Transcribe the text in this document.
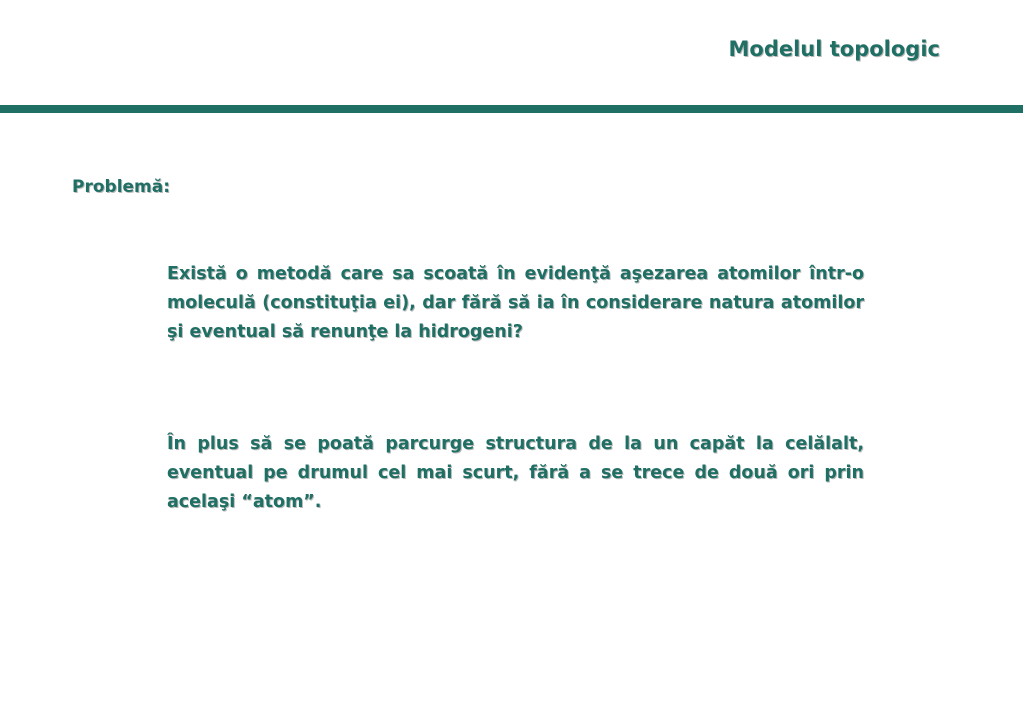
Modelul topologic
Problemă:
Există o metodă care sa scoată în evidenţă aşezarea atomilor într-o moleculă (constituţia ei), dar fără să ia în considerare natura atomilor şi eventual să renunţe la hidrogeni?
În plus să se poată parcurge structura de la un capăt la celălalt, eventual pe drumul cel mai scurt, fără a se trece de două ori prin acelaşi “atom”.
